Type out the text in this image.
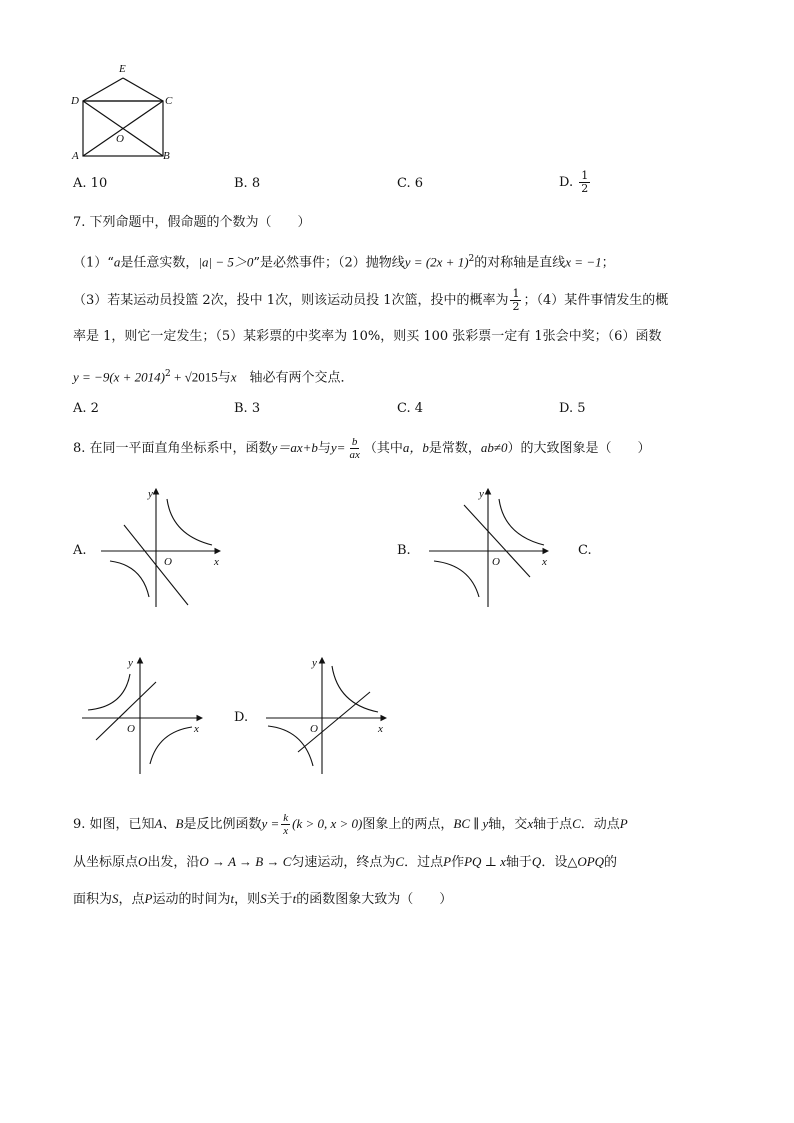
E
D	C
O
A	B
A. 10	B. 8	C. 6	D. $\frac{1}{2}$
7. 下列命题中，假命题的个数为（　　）
（1）“a是任意实数，|a| − 5＞0”是必然事件；（2）抛物线$y = (2x + 1)^2$的对称轴是直线x = −1；
（3）若某运动员投篮 2次，投中 1次，则该运动员投 1次篮，投中的概率为 $\frac{1}{2}$ ；（4）某件事情发生的概
率是 1，则它一定发生；（5）某彩票的中奖率为 10%，则买 100 张彩票一定有 1张会中奖；（6）函数
$y = -9(x + 2014)^2 + √2015$与x　轴必有两个交点．
A. 2	B. 3	C. 4	D. 5
8. 在同一平面直角坐标系中，函数y＝ax+b与$y= \frac{b}{ax}$ （其中a，b是常数，ab≠0）的大致图象是（　　）
A.	B.	C.
D.
x
y
O	x
y
O
x
y
O	x
y
O
9. 如图，已知A、B是反比例函数$y = \frac{k}{x} (k > 0$, x > 0)图象上的两点，BC ∥ y轴，交x轴于点C．动点P
从坐标原点O出发，沿O → A → B → C匀速运动，终点为C．过点P作PQ ⊥ x轴于Q．设△OPQ的
面积为S，点P运动的时间为t，则S关于t的函数图象大致为（　　）
